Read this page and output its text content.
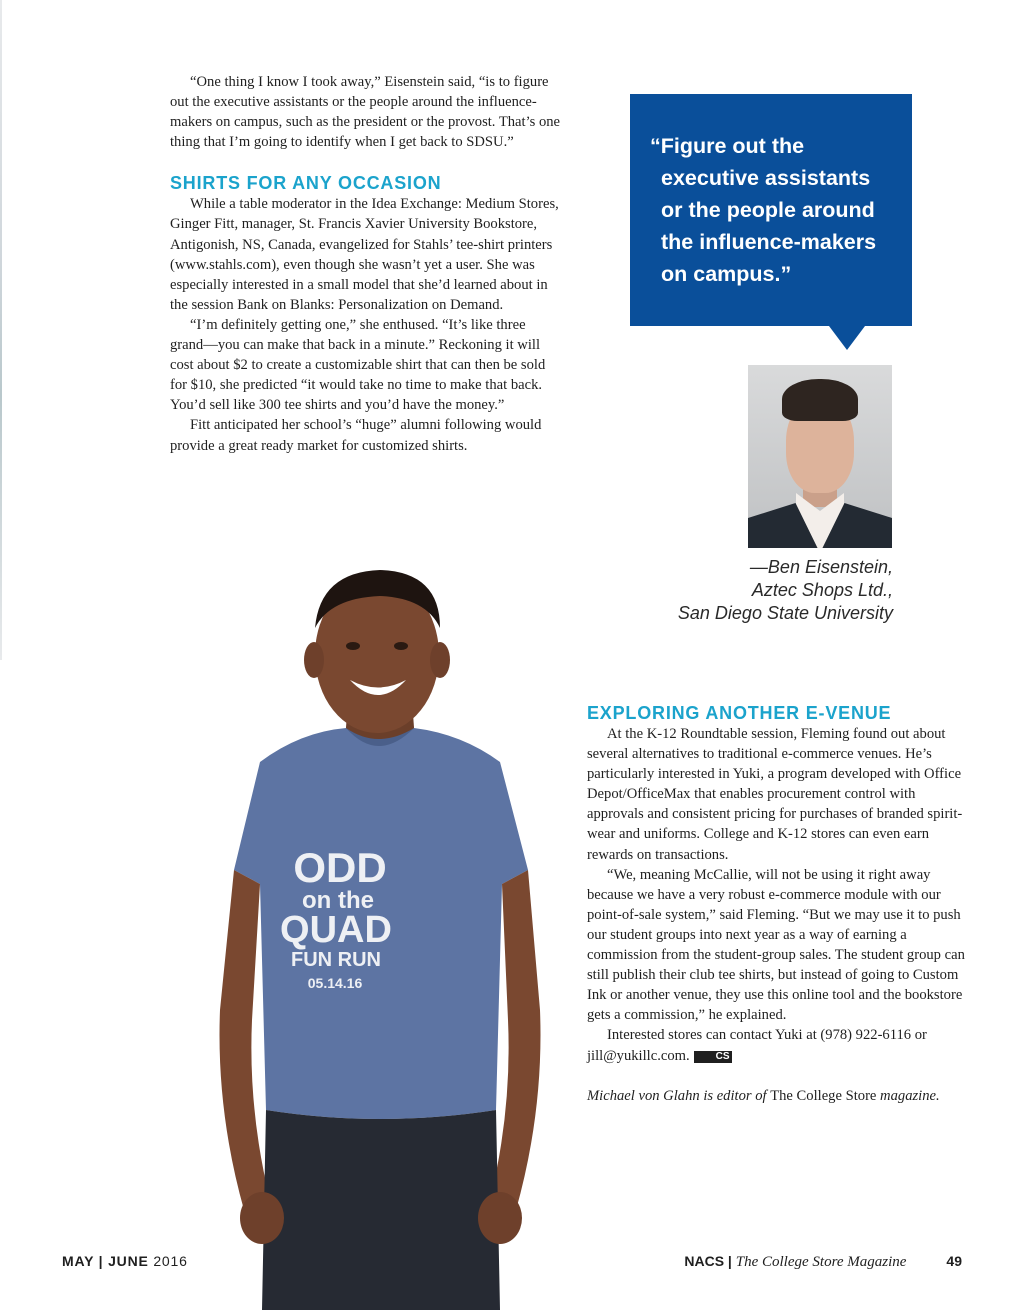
“One thing I know I took away,” Eisenstein said, “is to figure out the executive assistants or the people around the influence-makers on campus, such as the president or the provost. That’s one thing that I’m going to identify when I get back to SDSU.”

SHIRTS FOR ANY OCCASION

While a table moderator in the Idea Exchange: Medium Stores, Ginger Fitt, manager, St. Francis Xavier University Bookstore, Antigonish, NS, Canada, evangelized for Stahls’ tee-shirt printers (www.stahls.com), even though she wasn’t yet a user. She was especially interested in a small model that she’d learned about in the session Bank on Blanks: Personalization on Demand.

“I’m definitely getting one,” she enthused. “It’s like three grand—you can make that back in a minute.” Reckoning it will cost about $2 to create a customizable shirt that can then be sold for $10, she predicted “it would take no time to make that back. You’d sell like 300 tee shirts and you’d have the money.”

Fitt anticipated her school’s “huge” alumni following would provide a great ready market for customized shirts.

“Figure out the executive assistants or the people around the influence-makers on campus.”
—Ben Eisenstein,
Aztec Shops Ltd.,
San Diego State University
ODD
on the
QUAD
FUN RUN
05.14.16
EXPLORING ANOTHER E-VENUE

At the K-12 Roundtable session, Fleming found out about several alternatives to traditional e-commerce venues. He’s particularly interested in Yuki, a program developed with Office Depot/OfficeMax that enables procurement control with approvals and consistent pricing for purchases of branded spirit-wear and uniforms. College and K-12 stores can even earn rewards on transactions.

“We, meaning McCallie, will not be using it right away because we have a very robust e-commerce module with our point-of-sale system,” said Fleming. “But we may use it to push our student groups into next year as a way of earning a commission from the student-group sales. The student group can still publish their club tee shirts, but instead of going to Custom Ink or another venue, they use this online tool and the bookstore gets a commission,” he explained.

Interested stores can contact Yuki at (978) 922-6116 or jill@yukillc.com.	CS

Michael von Glahn is editor of The College Store magazine.

MAY | JUNE 2016	NACS | The College Store Magazine	49
